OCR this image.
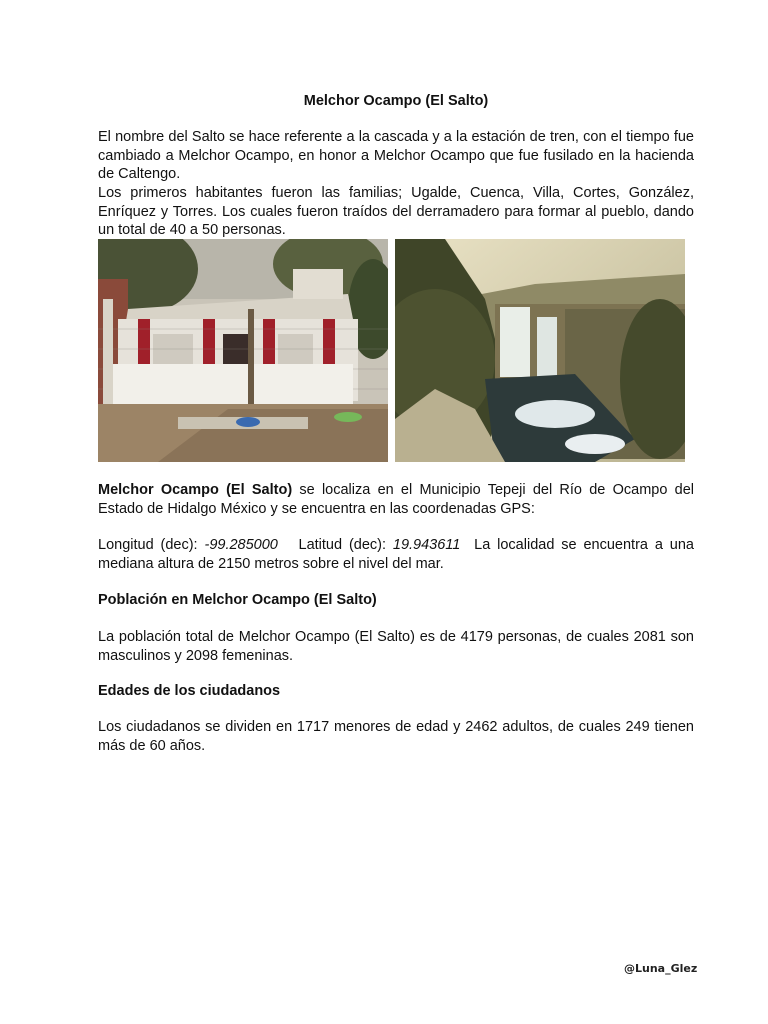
Melchor Ocampo (El Salto)
El nombre del Salto se hace referente a la cascada y a la estación de tren, con el tiempo fue cambiado a Melchor Ocampo, en honor a Melchor Ocampo que fue fusilado en la hacienda de Caltengo.
Los primeros habitantes fueron las familias; Ugalde, Cuenca, Villa, Cortes, González, Enríquez y Torres. Los cuales fueron traídos del derramadero para formar al pueblo, dando un total de 40 a 50 personas.
Melchor Ocampo (El Salto) se localiza en el Municipio Tepeji del Río de Ocampo del Estado de Hidalgo México y se encuentra en las coordenadas GPS:
Longitud (dec): -99.285000   Latitud (dec): 19.943611  La localidad se encuentra a una mediana altura de 2150 metros sobre el nivel del mar.
Población en Melchor Ocampo (El Salto)
La población total de Melchor Ocampo (El Salto) es de 4179 personas, de cuales 2081 son masculinos y 2098 femeninas.
Edades de los ciudadanos
Los ciudadanos se dividen en 1717 menores de edad y 2462 adultos, de cuales 249 tienen más de 60 años.
@Luna_Glez
